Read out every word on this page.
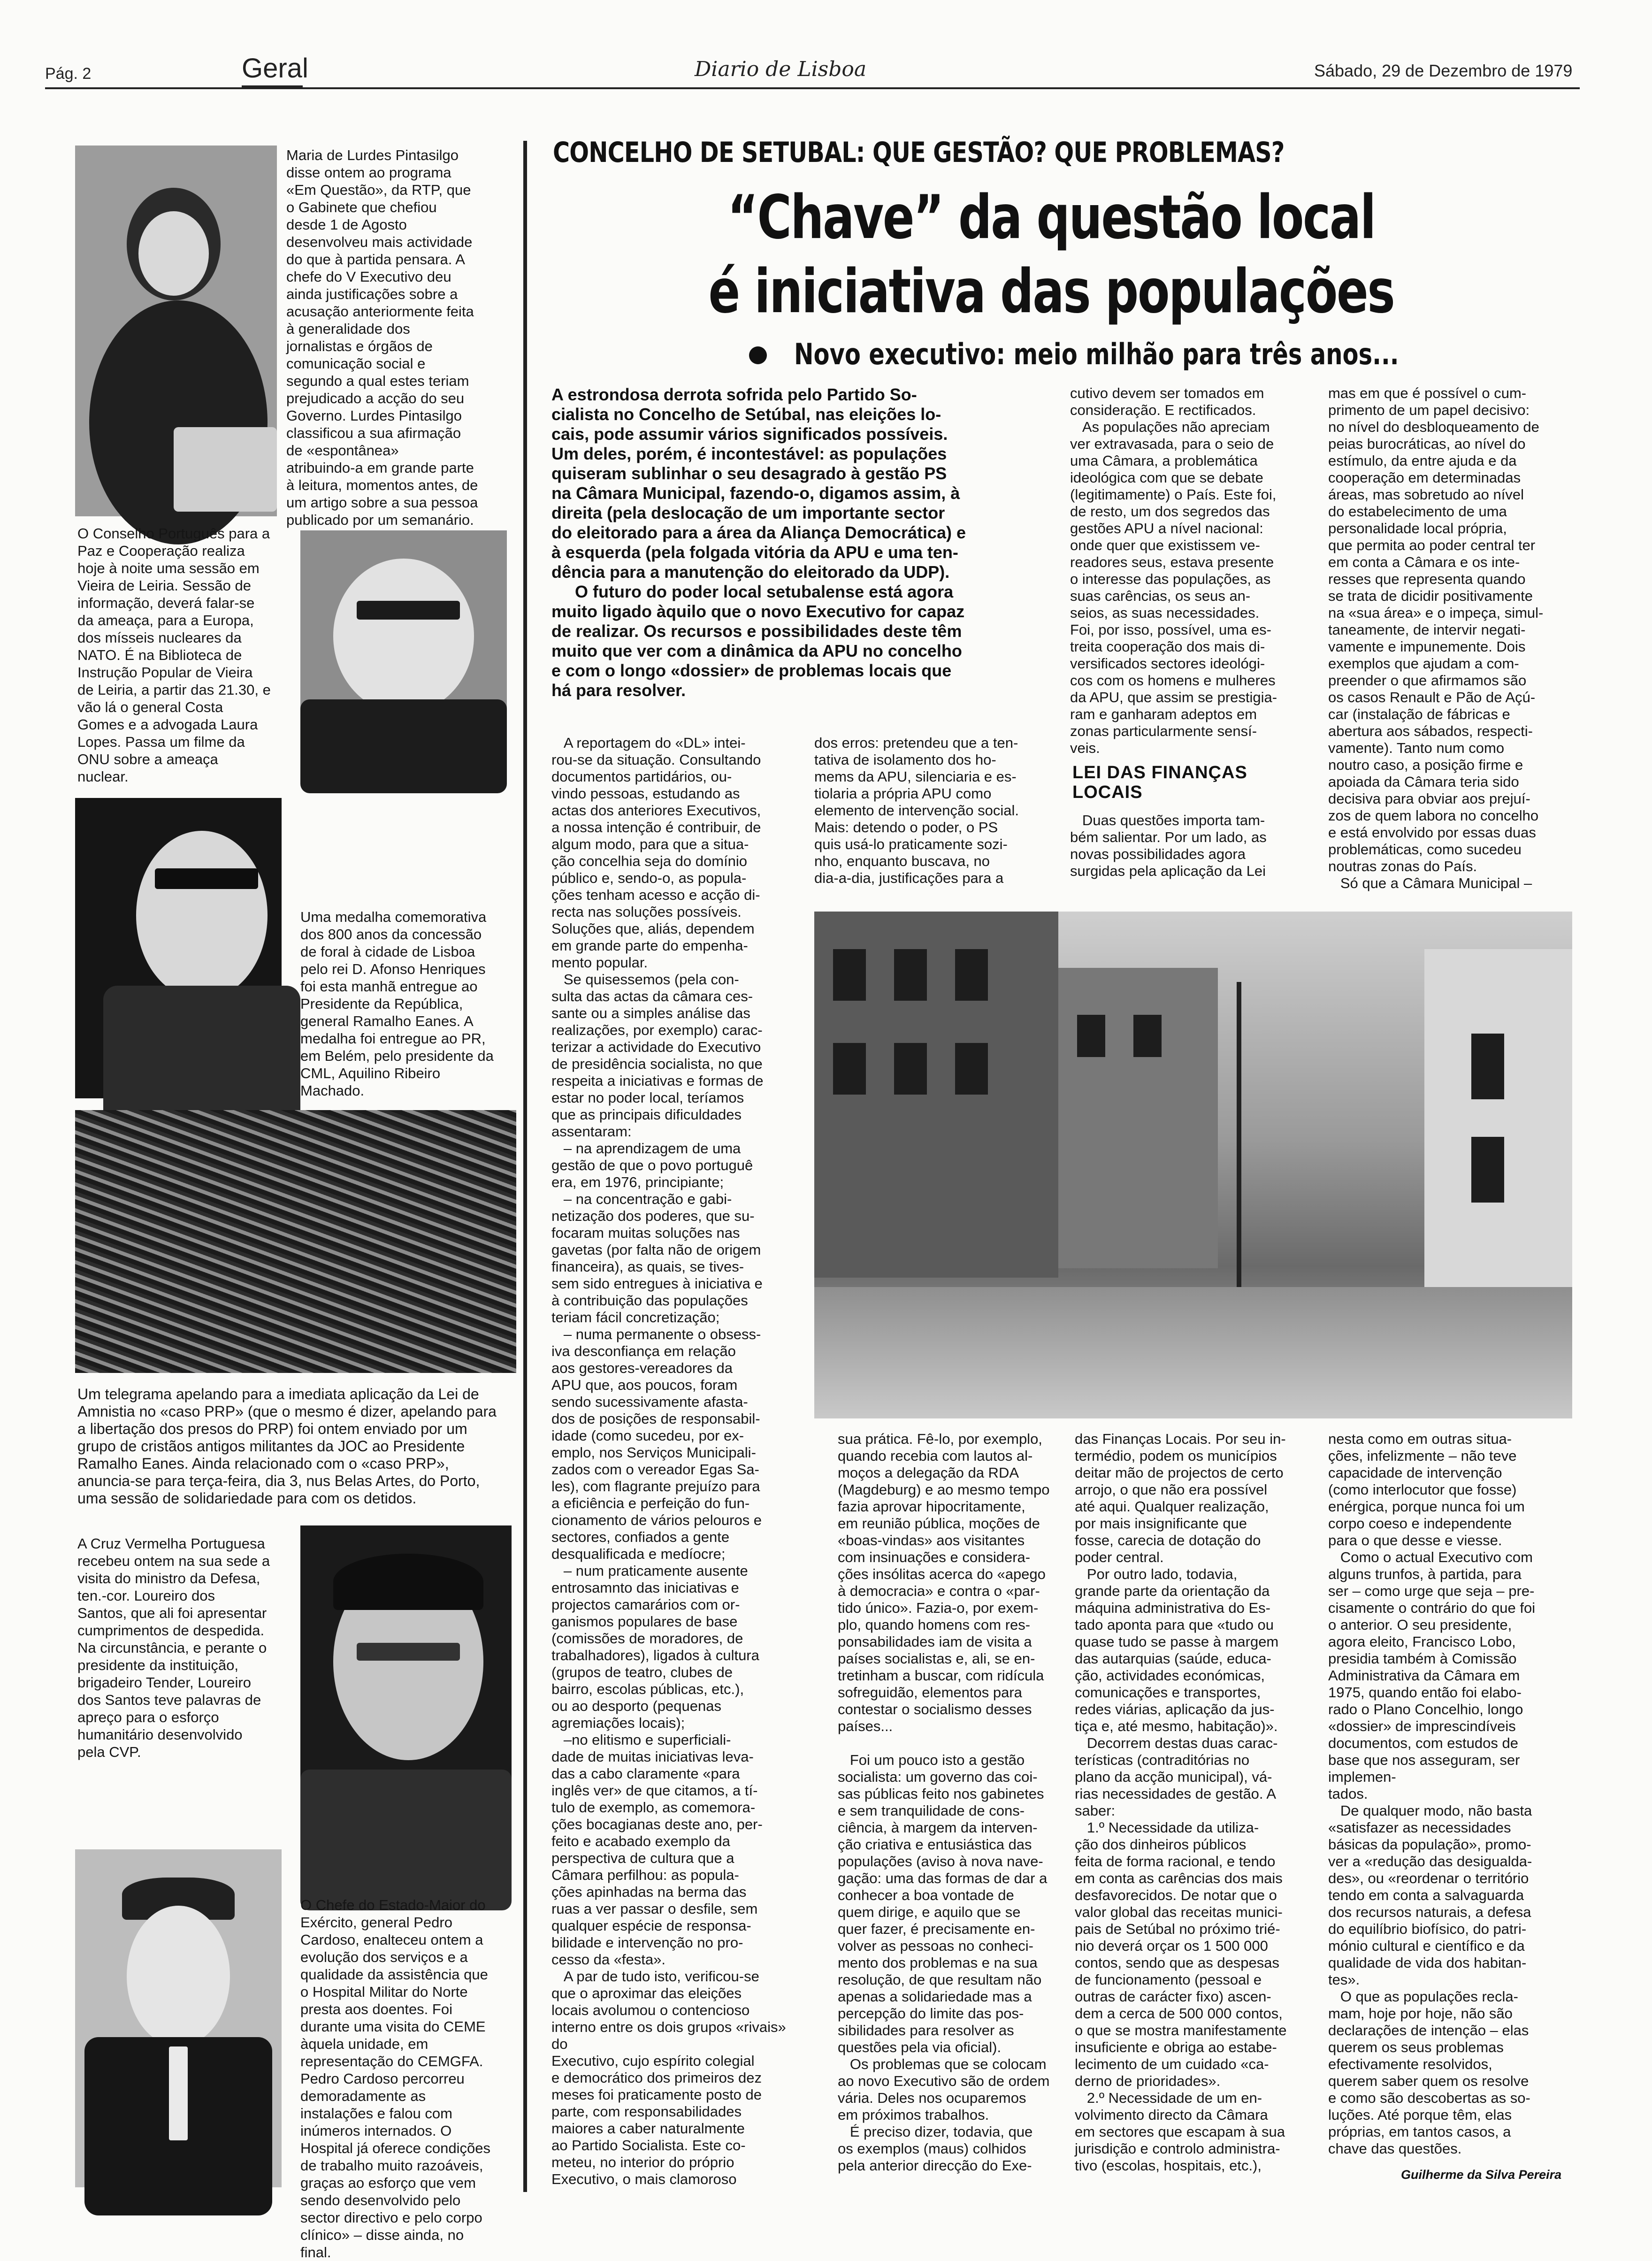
Pág. 2	Geral	Diario de Lisboa	Sábado, 29 de Dezembro de 1979
Maria de Lurdes Pintasilgo
disse ontem ao programa
«Em Questão», da RTP, que
o Gabinete que chefiou
desde 1 de Agosto
desenvolveu mais actividade
do que à partida pensara. A
chefe do V Executivo deu
ainda justificações sobre a
acusação anteriormente feita
à generalidade dos
jornalistas e órgãos de
comunicação social e
segundo a qual estes teriam
prejudicado a acção do seu
Governo. Lurdes Pintasilgo
classificou a sua afirmação
de «espontânea»
atribuindo-a em grande parte
à leitura, momentos antes, de
um artigo sobre a sua pessoa
publicado por um semanário.
O Conselho Português para a
Paz e Cooperação realiza
hoje à noite uma sessão em
Vieira de Leiria. Sessão de
informação, deverá falar-se
da ameaça, para a Europa,
dos mísseis nucleares da
NATO. É na Biblioteca de
Instrução Popular de Vieira
de Leiria, a partir das 21.30, e
vão lá o general Costa
Gomes e a advogada Laura
Lopes. Passa um filme da
ONU sobre a ameaça
nuclear.
Uma medalha comemorativa
dos 800 anos da concessão
de foral à cidade de Lisboa
pelo rei D. Afonso Henriques
foi esta manhã entregue ao
Presidente da República,
general Ramalho Eanes. A
medalha foi entregue ao PR,
em Belém, pelo presidente da
CML, Aquilino Ribeiro
Machado.
Um telegrama apelando para a imediata aplicação da Lei de
Amnistia no «caso PRP» (que o mesmo é dizer, apelando para
a libertação dos presos do PRP) foi ontem enviado por um
grupo de cristãos antigos militantes da JOC ao Presidente
Ramalho Eanes. Ainda relacionado com o «caso PRP»,
anuncia-se para terça-feira, dia 3, nus Belas Artes, do Porto,
uma sessão de solidariedade para com os detidos.
A Cruz Vermelha Portuguesa
recebeu ontem na sua sede a
visita do ministro da Defesa,
ten.-cor. Loureiro dos
Santos, que ali foi apresentar
cumprimentos de despedida.
Na circunstância, e perante o
presidente da instituição,
brigadeiro Tender, Loureiro
dos Santos teve palavras de
apreço para o esforço
humanitário desenvolvido
pela CVP.
O Chefe do Estado-Maior do
Exército, general Pedro
Cardoso, enalteceu ontem a
evolução dos serviços e a
qualidade da assistência que
o Hospital Militar do Norte
presta aos doentes. Foi
durante uma visita do CEME
àquela unidade, em
representação do CEMGFA.
Pedro Cardoso percorreu
demoradamente as
instalações e falou com
inúmeros internados. O
Hospital já oferece condições
de trabalho muito razoáveis,
graças ao esforço que vem
sendo desenvolvido pelo
sector directivo e pelo corpo
clínico» – disse ainda, no
final.
CONCELHO DE SETUBAL: QUE GESTÃO? QUE PROBLEMAS?
“Chave” da questão local
é iniciativa das populações
Novo executivo: meio milhão para três anos...
A estrondosa derrota sofrida pelo Partido So-
cialista no Concelho de Setúbal, nas eleições lo-
cais, pode assumir vários significados possíveis.
Um deles, porém, é incontestável: as populações
quiseram sublinhar o seu desagrado à gestão PS
na Câmara Municipal, fazendo-o, digamos assim, à
direita (pela deslocação de um importante sector
do eleitorado para a área da Aliança Democrática) e
à esquerda (pela folgada vitória da APU e uma ten-
dência para a manutenção do eleitorado da UDP).
O futuro do poder local setubalense está agora
muito ligado àquilo que o novo Executivo for capaz
de realizar. Os recursos e possibilidades deste têm
muito que ver com a dinâmica da APU no concelho
e com o longo «dossier» de problemas locais que
há para resolver.
A reportagem do «DL» intei-
rou-se da situação. Consultando
documentos partidários, ou-
vindo pessoas, estudando as
actas dos anteriores Executivos,
a nossa intenção é contribuir, de
algum modo, para que a situa-
ção concelhia seja do domínio
público e, sendo-o, as popula-
ções tenham acesso e acção di-
recta nas soluções possíveis.
Soluções que, aliás, dependem
em grande parte do empenha-
mento popular.
Se quisessemos (pela con-
sulta das actas da câmara ces-
sante ou a simples análise das
realizações, por exemplo) carac-
terizar a actividade do Executivo
de presidência socialista, no que
respeita a iniciativas e formas de
estar no poder local, teríamos
que as principais dificuldades
assentaram:
– na aprendizagem de uma
gestão de que o povo portuguê
era, em 1976, principiante;
– na concentração e gabi-
netização dos poderes, que su-
focaram muitas soluções nas
gavetas (por falta não de origem
financeira), as quais, se tives-
sem sido entregues à iniciativa e
à contribuição das populações
teriam fácil concretização;
– numa permanente o obsess-
iva desconfiança em relação
aos gestores-vereadores da
APU que, aos poucos, foram
sendo sucessivamente afasta-
dos de posições de responsabil-
idade (como sucedeu, por ex-
emplo, nos Serviços Municipali-
zados com o vereador Egas Sa-
les), com flagrante prejuízo para
a eficiência e perfeição do fun-
cionamento de vários pelouros e
sectores, confiados a gente
desqualificada e medíocre;
– num praticamente ausente
entrosamnto das iniciativas e
projectos camarários com or-
ganismos populares de base
(comissões de moradores, de
trabalhadores), ligados à cultura
(grupos de teatro, clubes de
bairro, escolas públicas, etc.),
ou ao desporto (pequenas
agremiações locais);
–no elitismo e superficiali-
dade de muitas iniciativas leva-
das a cabo claramente «para
inglês ver» de que citamos, a tí-
tulo de exemplo, as comemora-
ções bocagianas deste ano, per-
feito e acabado exemplo da
perspectiva de cultura que a
Câmara perfilhou: as popula-
ções apinhadas na berma das
ruas a ver passar o desfile, sem
qualquer espécie de responsa-
bilidade e intervenção no pro-
cesso da «festa».
A par de tudo isto, verificou-se
que o aproximar das eleições
locais avolumou o contencioso
interno entre os dois grupos «rivais» do
Executivo, cujo espírito colegial
e democrático dos primeiros dez
meses foi praticamente posto de
parte, com responsabilidades
maiores a caber naturalmente
ao Partido Socialista. Este co-
meteu, no interior do próprio
Executivo, o mais clamoroso
dos erros: pretendeu que a ten-
tativa de isolamento dos ho-
mems da APU, silenciaria e es-
tiolaria a própria APU como
elemento de intervenção social.
Mais: detendo o poder, o PS
quis usá-lo praticamente sozi-
nho, enquanto buscava, no
dia-a-dia, justificações para a
cutivo devem ser tomados em
consideração. E rectificados.
As populações não apreciam
ver extravasada, para o seio de
uma Câmara, a problemática
ideológica com que se debate
(legitimamente) o País. Este foi,
de resto, um dos segredos das
gestões APU a nível nacional:
onde quer que existissem ve-
readores seus, estava presente
o interesse das populações, as
suas carências, os seus an-
seios, as suas necessidades.
Foi, por isso, possível, uma es-
treita cooperação dos mais di-
versificados sectores ideológi-
cos com os homens e mulheres
da APU, que assim se prestigia-
ram e ganharam adeptos em
zonas particularmente sensí-
veis.
LEI DAS FINANÇAS
LOCAIS
Duas questões importa tam-
bém salientar. Por um lado, as
novas possibilidades agora
surgidas pela aplicação da Lei
mas em que é possível o cum-
primento de um papel decisivo:
no nível do desbloqueamento de
peias burocráticas, ao nível do
estímulo, da entre ajuda e da
cooperação em determinadas
áreas, mas sobretudo ao nível
do estabelecimento de uma
personalidade local própria,
que permita ao poder central ter
em conta a Câmara e os inte-
resses que representa quando
se trata de dicidir positivamente
na «sua área» e o impeça, simul-
taneamente, de intervir negati-
vamente e impunemente. Dois
exemplos que ajudam a com-
preender o que afirmamos são
os casos Renault e Pão de Açú-
car (instalação de fábricas e
abertura aos sábados, respecti-
vamente). Tanto num como
noutro caso, a posição firme e
apoiada da Câmara teria sido
decisiva para obviar aos prejuí-
zos de quem labora no concelho
e está envolvido por essas duas
problemáticas, como sucedeu
noutras zonas do País.
Só que a Câmara Municipal –
sua prática. Fê-lo, por exemplo,
quando recebia com lautos al-
moços a delegação da RDA
(Magdeburg) e ao mesmo tempo
fazia aprovar hipocritamente,
em reunião pública, moções de
«boas-vindas» aos visitantes
com insinuações e considera-
ções insólitas acerca do «apego
à democracia» e contra o «par-
tido único». Fazia-o, por exem-
plo, quando homens com res-
ponsabilidades iam de visita a
países socialistas e, ali, se en-
tretinham a buscar, com ridícula
sofreguidão, elementos para
contestar o socialismo desses
países...

Foi um pouco isto a gestão
socialista: um governo das coi-
sas públicas feito nos gabinetes
e sem tranquilidade de cons-
ciência, à margem da interven-
ção criativa e entusiástica das
populações (aviso à nova nave-
gação: uma das formas de dar a
conhecer a boa vontade de
quem dirige, e aquilo que se
quer fazer, é precisamente en-
volver as pessoas no conheci-
mento dos problemas e na sua
resolução, de que resultam não
apenas a solidariedade mas a
percepção do limite das pos-
sibilidades para resolver as
questões pela via oficial).
Os problemas que se colocam
ao novo Executivo são de ordem
vária. Deles nos ocuparemos
em próximos trabalhos.
É preciso dizer, todavia, que
os exemplos (maus) colhidos
pela anterior direcção do Exe-
das Finanças Locais. Por seu in-
termédio, podem os municípios
deitar mão de projectos de certo
arrojo, o que não era possível
até aqui. Qualquer realização,
por mais insignificante que
fosse, carecia de dotação do
poder central.
Por outro lado, todavia,
grande parte da orientação da
máquina administrativa do Es-
tado aponta para que «tudo ou
quase tudo se passe à margem
das autarquias (saúde, educa-
ção, actividades económicas,
comunicações e transportes,
redes viárias, aplicação da jus-
tiça e, até mesmo, habitação)».
Decorrem destas duas carac-
terísticas (contraditórias no
plano da acção municipal), vá-
rias necessidades de gestão. A
saber:
1.º Necessidade da utiliza-
ção dos dinheiros públicos
feita de forma racional, e tendo
em conta as carências dos mais
desfavorecidos. De notar que o
valor global das receitas munici-
pais de Setúbal no próximo trié-
nio deverá orçar os 1 500 000
contos, sendo que as despesas
de funcionamento (pessoal e
outras de carácter fixo) ascen-
dem a cerca de 500 000 contos,
o que se mostra manifestamente
insuficiente e obriga ao estabe-
lecimento de um cuidado «ca-
derno de prioridades».
2.º Necessidade de um en-
volvimento directo da Câmara
em sectores que escapam à sua
jurisdição e controlo administra-
tivo (escolas, hospitais, etc.),
nesta como em outras situa-
ções, infelizmente – não teve
capacidade de intervenção
(como interlocutor que fosse)
enérgica, porque nunca foi um
corpo coeso e independente
para o que desse e viesse.
Como o actual Executivo com
alguns trunfos, à partida, para
ser – como urge que seja – pre-
cisamente o contrário do que foi
o anterior. O seu presidente,
agora eleito, Francisco Lobo,
presidia também à Comissão
Administrativa da Câmara em
1975, quando então foi elabo-
rado o Plano Concelhio, longo
«dossier» de imprescindíveis
documentos, com estudos de
base que nos asseguram, ser implemen-
tados.
De qualquer modo, não basta
«satisfazer as necessidades
básicas da população», promo-
ver a «redução das desigualda-
des», ou «reordenar o território
tendo em conta a salvaguarda
dos recursos naturais, a defesa
do equilíbrio biofísico, do patri-
mónio cultural e científico e da
qualidade de vida dos habitan-
tes».
O que as populações recla-
mam, hoje por hoje, não são
declarações de intenção – elas
querem os seus problemas
efectivamente resolvidos,
querem saber quem os resolve
e como são descobertas as so-
luções. Até porque têm, elas
próprias, em tantos casos, a
chave das questões.
Guilherme da Silva Pereira
